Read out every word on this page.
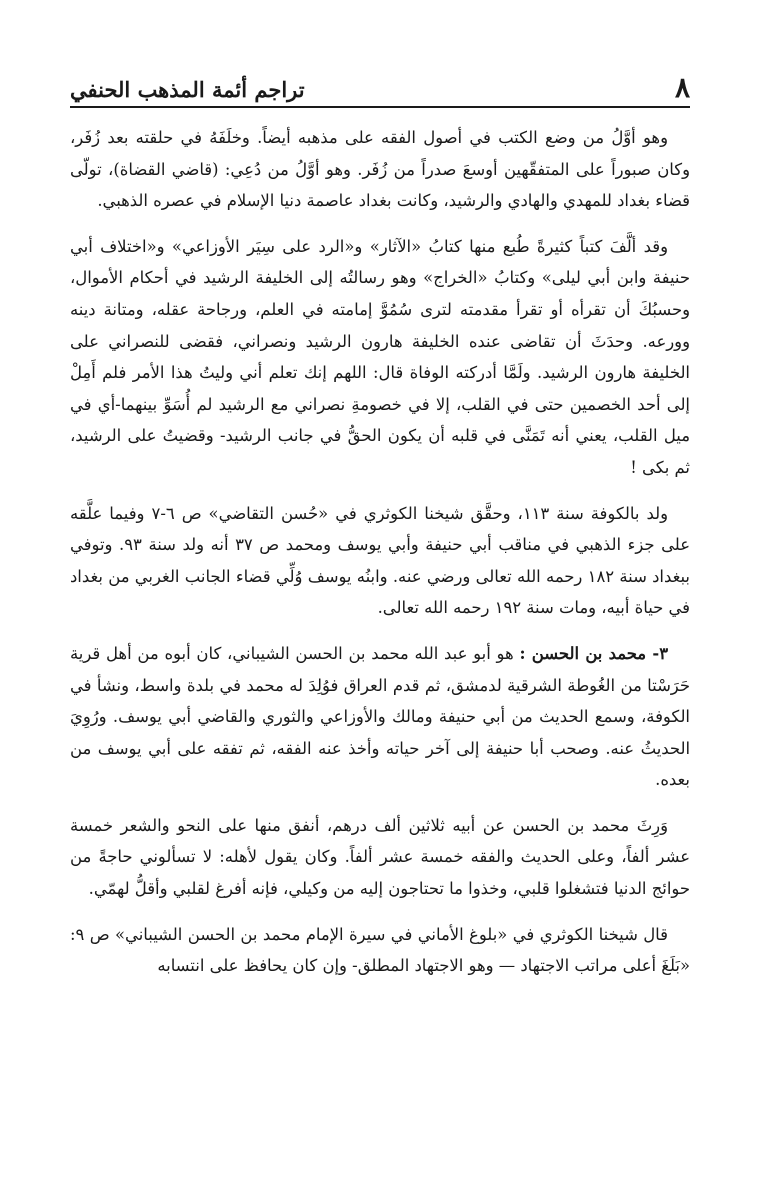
٨
تراجم أئمة المذهب الحنفي

وهو أوَّلُ من وضع الكتب في أصول الفقه على مذهبه أيضاً. وخلَفَهُ في حلقته بعد زُفَر، وكان صبوراً على المتفقّهين أوسعَ صدراً من زُفَر. وهو أوَّلُ من دُعِي: (قاضي القضاة)، تولّى قضاء بغداد للمهدي والهادي والرشيد، وكانت بغداد عاصمة دنيا الإسلام في عصره الذهبي.

وقد ألَّفَ كتباً كثيرةً طُبع منها كتابُ «الآثار» و«الرد على سِيَر الأوزاعي» و«اختلاف أبي حنيفة وابن أبي ليلى» وكتابُ «الخراج» وهو رسالتُه إلى الخليفة الرشيد في أحكام الأموال، وحسبُكَ أن تقرأه أو تقرأ مقدمته لترى سُمُوَّ إمامته في العلم، ورجاحة عقله، ومتانة دينه وورعه. وحدَثَ أن تقاضى عنده الخليفة هارون الرشيد ونصراني، فقضى للنصراني على الخليفة هارون الرشيد. ولَمَّا أدركته الوفاة قال: اللهم إنك تعلم أني وليتُ هذا الأمر فلم أَمِلْ إلى أحد الخصمين حتى في القلب، إلا في خصومةِ نصراني مع الرشيد لم أُسَوِّ بينهما-أي في ميل القلب، يعني أنه تَمَنَّى في قلبه أن يكون الحقُّ في جانب الرشيد- وقضيتُ على الرشيد، ثم بكى !

ولد بالكوفة سنة ١١٣، وحقَّق شيخنا الكوثري في «حُسن التقاضي» ص ٦-٧ وفيما علَّقه على جزء الذهبي في مناقب أبي حنيفة وأبي يوسف ومحمد ص ٣٧ أنه ولد سنة ٩٣. وتوفي ببغداد سنة ١٨٢ رحمه الله تعالى ورضي عنه. وابنُه يوسف وُلِّي قضاء الجانب الغربي من بغداد في حياة أبيه، ومات سنة ١٩٢ رحمه الله تعالى.

٣- محمد بن الحسن : هو أبو عبد الله محمد بن الحسن الشيباني، كان أبوه من أهل قرية حَرَسْتا من الغُوطة الشرقية لدمشق، ثم قدم العراق فوُلِدَ له محمد في بلدة واسط، ونشأ في الكوفة، وسمع الحديث من أبي حنيفة ومالك والأوزاعي والثوري والقاضي أبي يوسف. ورُوِيَ الحديثُ عنه. وصحب أبا حنيفة إلى آخر حياته وأخذ عنه الفقه، ثم تفقه على أبي يوسف من بعده.

وَرِثَ محمد بن الحسن عن أبيه ثلاثين ألف درهم، أنفق منها على النحو والشعر خمسة عشر ألفاً، وعلى الحديث والفقه خمسة عشر ألفاً. وكان يقول لأهله: لا تسألوني حاجةً من حوائج الدنيا فتشغلوا قلبي، وخذوا ما تحتاجون إليه من وكيلي، فإنه أفرغ لقلبي وأقلُّ لهمّي.

قال شيخنا الكوثري في «بلوغ الأماني في سيرة الإمام محمد بن الحسن الشيباني» ص ٩: «بَلَغَ أعلى مراتب الاجتهاد — وهو الاجتهاد المطلق- وإن كان يحافظ على انتسابه
